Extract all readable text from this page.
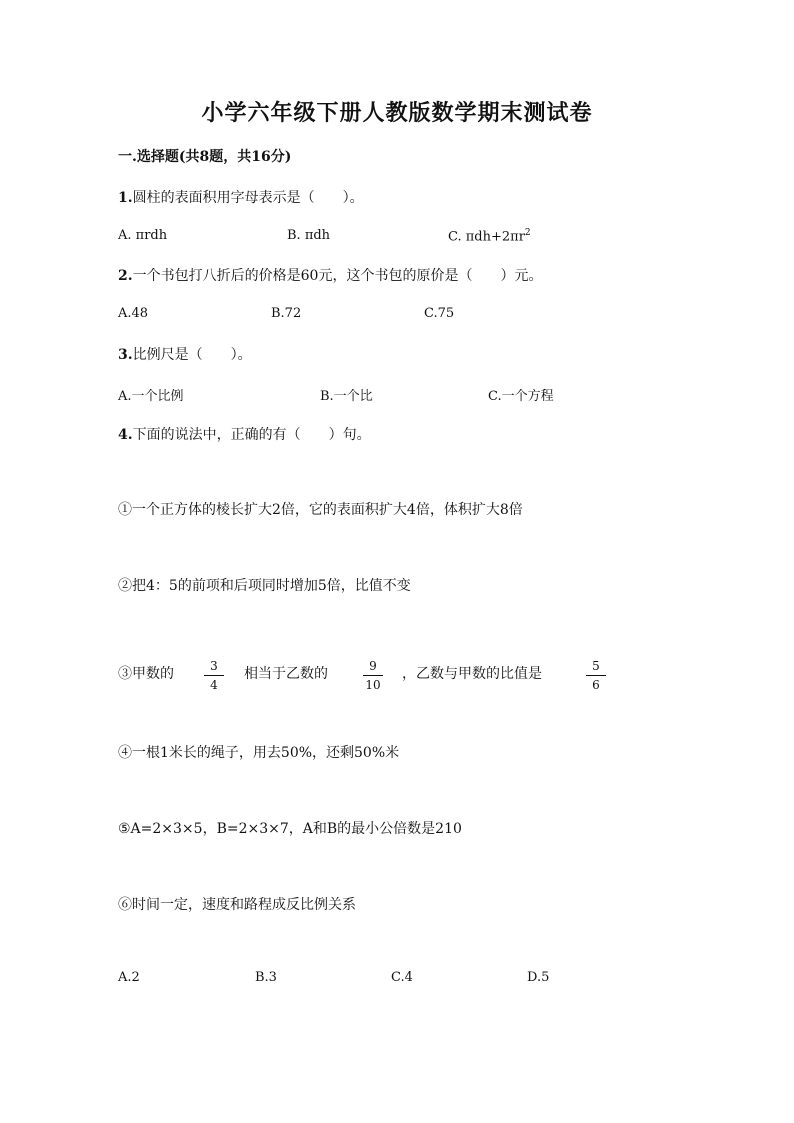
小学六年级下册人教版数学期末测试卷
一.选择题(共8题，共16分)
1.圆柱的表面积用字母表示是（　　）。
A. πrdh	B. πdh	C. $\pi dh+2\pi r^2$
2.一个书包打八折后的价格是60元，这个书包的原价是（　　）元。
A.48	B.72	C.75
3.比例尺是（　　）。
A.一个比例	B.一个比	C.一个方程
4.下面的说法中，正确的有（　　）句。
①一个正方体的棱长扩大2倍，它的表面积扩大4倍，体积扩大8倍
②把4：5的前项和后项同时增加5倍，比值不变
③甲数的	3
4
相当于乙数的	9
10
，乙数与甲数的比值是	5
6
④一根1米长的绳子，用去50%，还剩50%米
⑤A=2×3×5，B=2×3×7，A和B的最小公倍数是210
⑥时间一定，速度和路程成反比例关系
A.2	B.3	C.4	D.5
